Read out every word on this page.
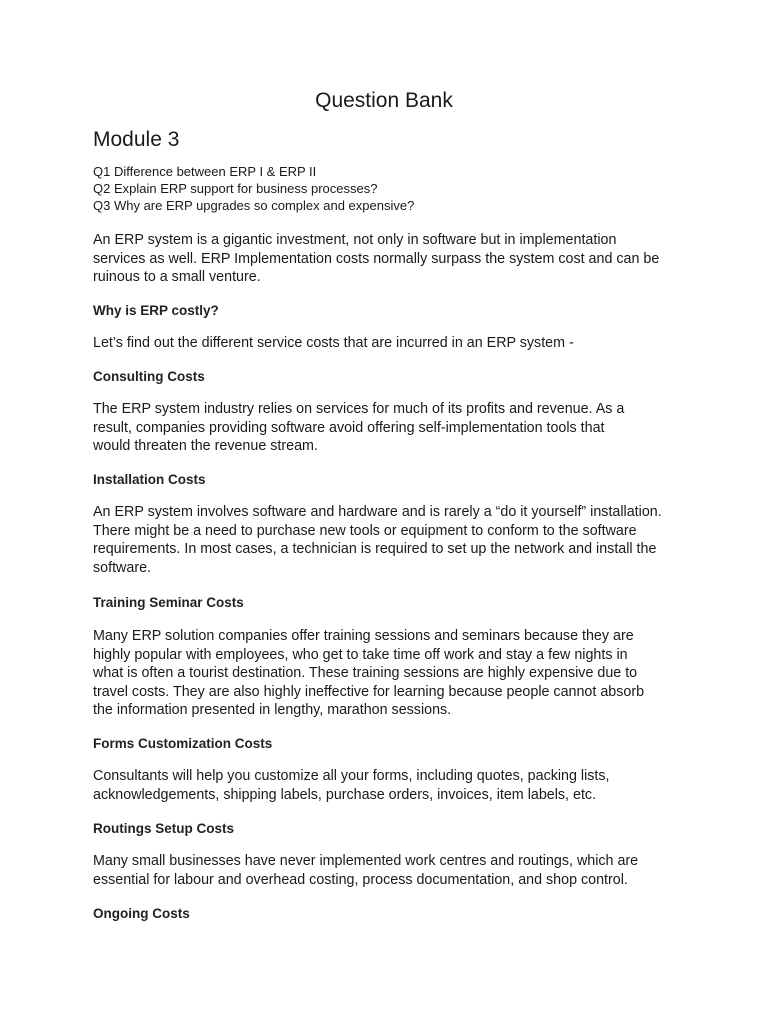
Question Bank
Module 3

Q1 Difference between ERP I & ERP II

Q2 Explain ERP support for business processes?

Q3 Why are ERP upgrades so complex and expensive?

An ERP system is a gigantic investment, not only in software but in implementation
services as well. ERP Implementation costs normally surpass the system cost and can be
ruinous to a small venture.
Why is ERP costly?

Let’s find out the different service costs that are incurred in an ERP system -

Consulting Costs
The ERP system industry relies on services for much of its profits and revenue. As a
result, companies providing software avoid offering self-implementation tools that
would threaten the revenue stream.
Installation Costs
An ERP system involves software and hardware and is rarely a “do it yourself” installation.
There might be a need to purchase new tools or equipment to conform to the software
requirements. In most cases, a technician is required to set up the network and install the
software.
Training Seminar Costs
Many ERP solution companies offer training sessions and seminars because they are
highly popular with employees, who get to take time off work and stay a few nights in
what is often a tourist destination. These training sessions are highly expensive due to
travel costs. They are also highly ineffective for learning because people cannot absorb
the information presented in lengthy, marathon sessions.
Forms Customization Costs
Consultants will help you customize all your forms, including quotes, packing lists,
acknowledgements, shipping labels, purchase orders, invoices, item labels, etc.
Routings Setup Costs
Many small businesses have never implemented work centres and routings, which are
essential for labour and overhead costing, process documentation, and shop control.
Ongoing Costs
